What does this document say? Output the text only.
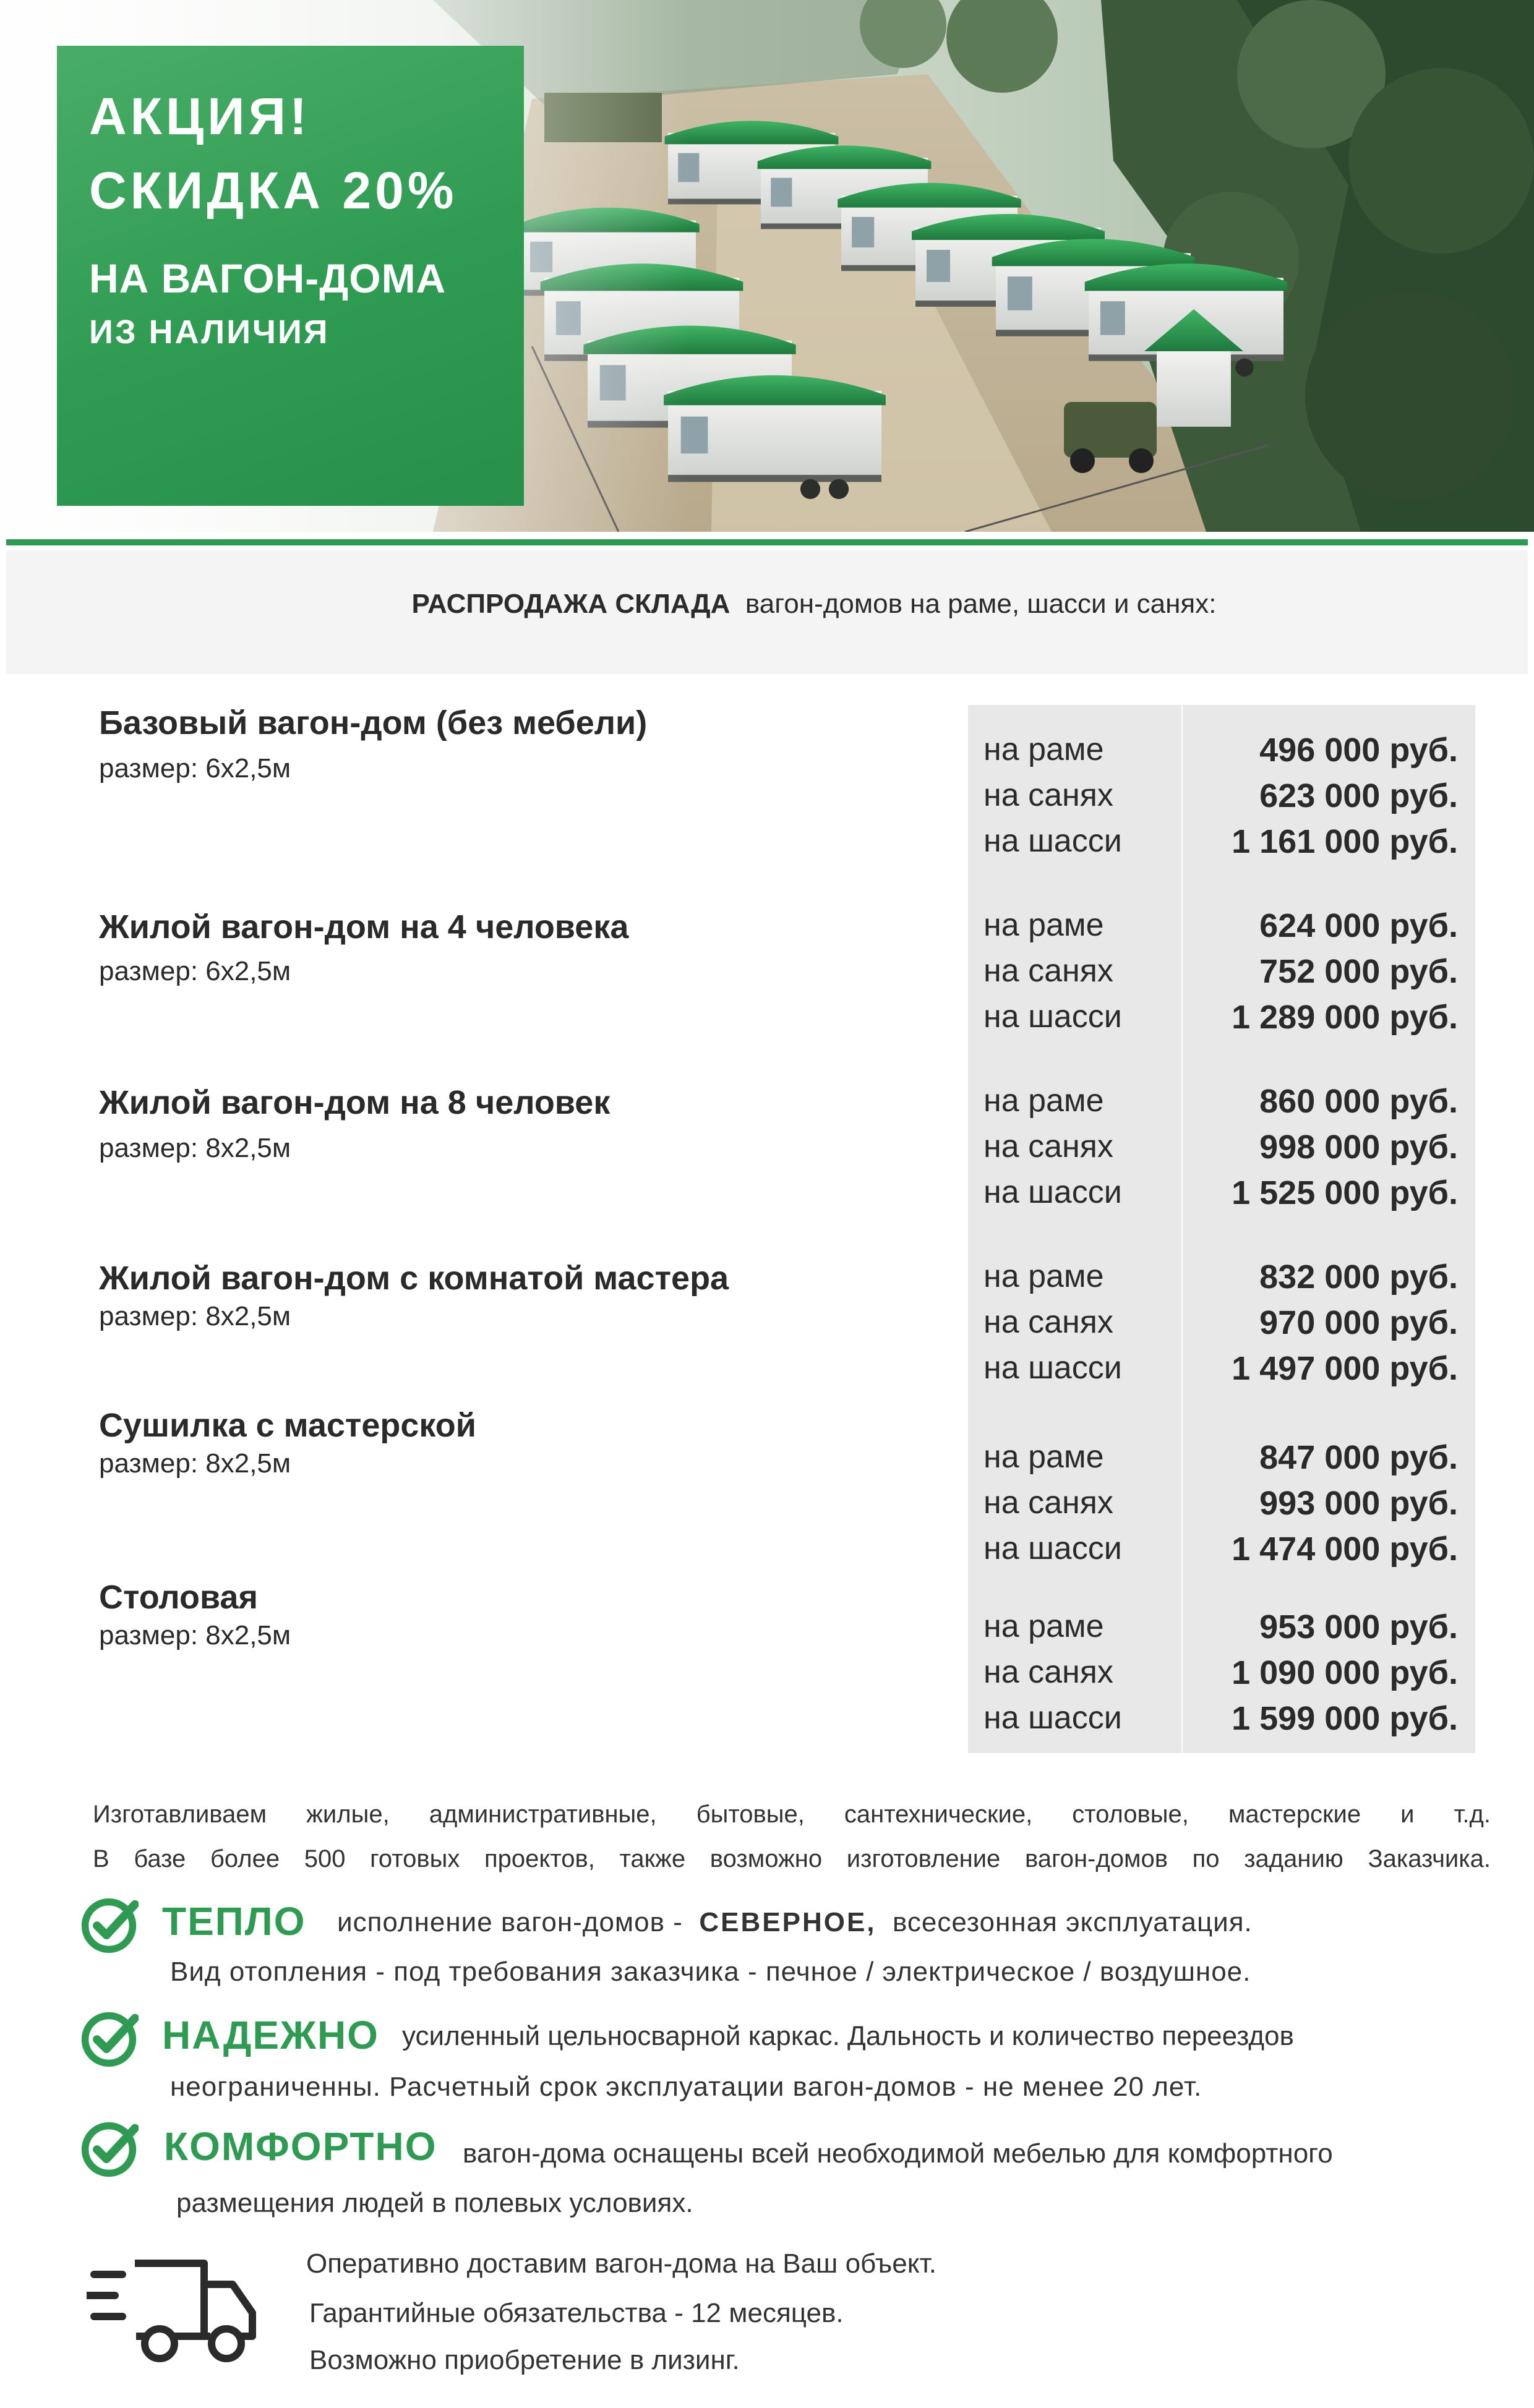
АКЦИЯ!
СКИДКА 20%
НА ВАГОН-ДОМА
ИЗ НАЛИЧИЯ
РАСПРОДАЖА СКЛАДА вагон-домов на раме, шасси и санях:
Базовый вагон-дом (без мебели)
размер: 6х2,5м
на раме
на санях
на шасси
496 000 руб.
623 000 руб.
1 161 000 руб.
Жилой вагон-дом на 4 человека
размер: 6х2,5м
на раме
на санях
на шасси
624 000 руб.
752 000 руб.
1 289 000 руб.
Жилой вагон-дом на 8 человек
размер: 8х2,5м
на раме
на санях
на шасси
860 000 руб.
998 000 руб.
1 525 000 руб.
Жилой вагон-дом с комнатой мастера
размер: 8х2,5м
на раме
на санях
на шасси
832 000 руб.
970 000 руб.
1 497 000 руб.
Сушилка с мастерской
размер: 8х2,5м	на раме
на санях
на шасси
847 000 руб.
993 000 руб.
1 474 000 руб.
Столовая
размер: 8х2,5м	на раме
на санях
на шасси
953 000 руб.
1 090 000 руб.
1 599 000 руб.
Изготавливаем жилые, административные, бытовые, сантехнические, столовые, мастерские и т.д.
В базе более 500 готовых проектов, также возможно изготовление вагон-домов по заданию Заказчика.
ТЕПЛО исполнение вагон-домов - СЕВЕРНОЕ, всесезонная эксплуатация.
Вид отопления - под требования заказчика - печное / электрическое / воздушное.
НАДЕЖНО усиленный цельносварной каркас. Дальность и количество переездов
неограниченны. Расчетный срок эксплуатации вагон-домов - не менее 20 лет.
КОМФОРТНО вагон-дома оснащены всей необходимой мебелью для комфортного
размещения людей в полевых условиях.
Оперативно доставим вагон-дома на Ваш объект.
Гарантийные обязательства - 12 месяцев.
Возможно приобретение в лизинг.
